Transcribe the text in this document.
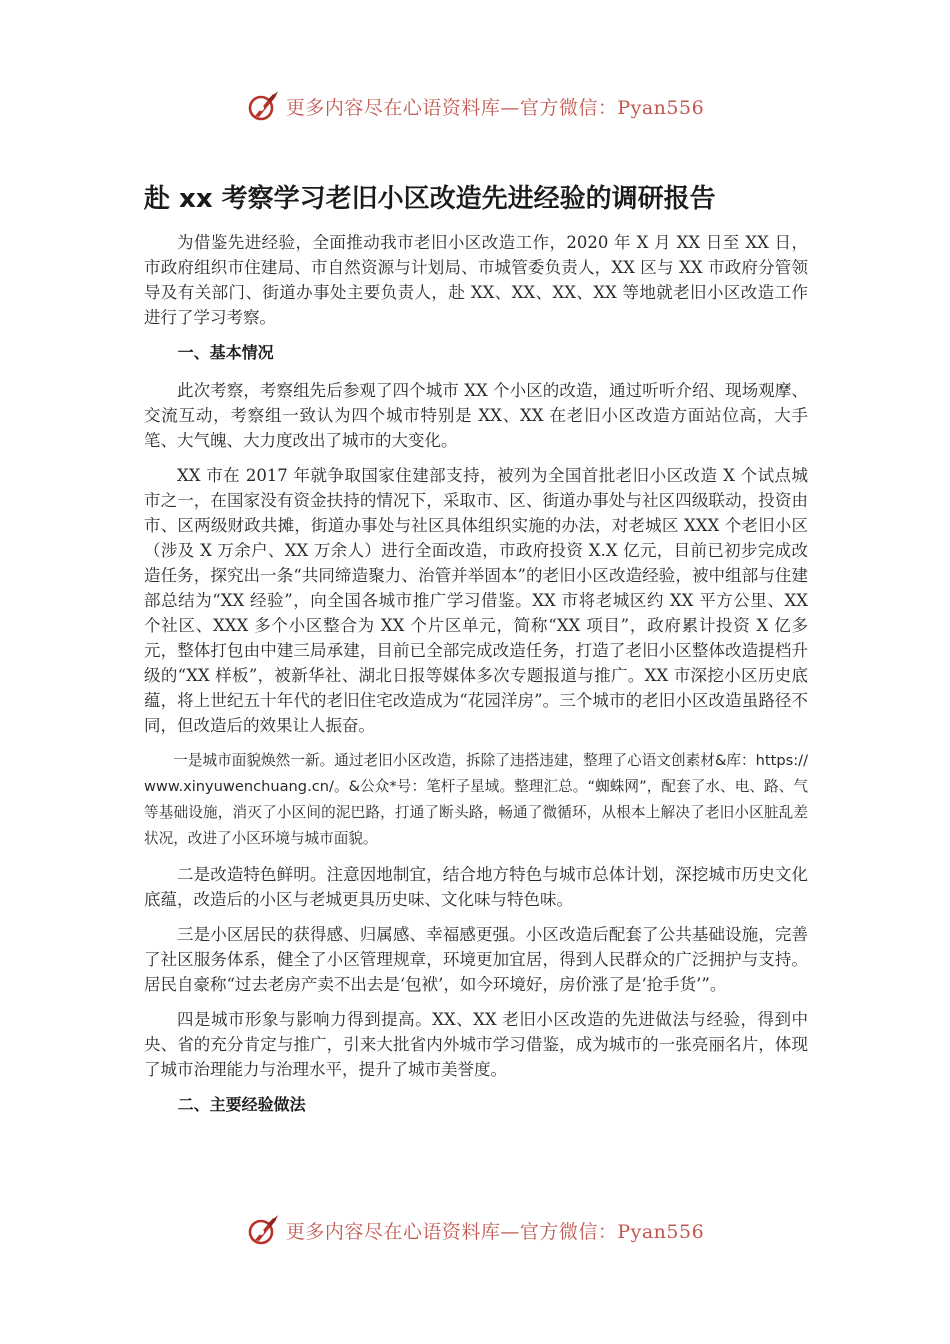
更多内容尽在心语资料库—官方微信：Pyan556
赴 xx 考察学习老旧小区改造先进经验的调研报告

为借鉴先进经验，全面推动我市老旧小区改造工作，2020 年 X 月 XX 日至 XX 日，市政府组织市住建局、市自然资源与计划局、市城管委负责人，XX 区与 XX 市政府分管领导及有关部门、街道办事处主要负责人，赴 XX、XX、XX、XX 等地就老旧小区改造工作进行了学习考察。

一、基本情况

此次考察，考察组先后参观了四个城市 XX 个小区的改造，通过听听介绍、现场观摩、交流互动，考察组一致认为四个城市特别是 XX、XX 在老旧小区改造方面站位高，大手笔、大气魄、大力度改出了城市的大变化。

XX 市在 2017 年就争取国家住建部支持，被列为全国首批老旧小区改造 X 个试点城市之一，在国家没有资金扶持的情况下，采取市、区、街道办事处与社区四级联动，投资由市、区两级财政共摊，街道办事处与社区具体组织实施的办法，对老城区 XXX 个老旧小区（涉及 X 万余户、XX 万余人）进行全面改造，市政府投资 X.X 亿元，目前已初步完成改造任务，探究出一条“共同缔造聚力、治管并举固本”的老旧小区改造经验，被中组部与住建部总结为“XX 经验”，向全国各城市推广学习借鉴。XX 市将老城区约 XX 平方公里、XX 个社区、XXX 多个小区整合为 XX 个片区单元，简称“XX 项目”，政府累计投资 X 亿多元，整体打包由中建三局承建，目前已全部完成改造任务，打造了老旧小区整体改造提档升级的“XX 样板”，被新华社、湖北日报等媒体多次专题报道与推广。XX 市深挖小区历史底蕴，将上世纪五十年代的老旧住宅改造成为“花园洋房”。三个城市的老旧小区改造虽路径不同，但改造后的效果让人振奋。

一是城市面貌焕然一新。通过老旧小区改造，拆除了违搭违建，整理了心语文创素材&库：https://www.xinyuwenchuang.cn/。&公众*号：笔杆子星域。整理汇总。“蜘蛛网”，配套了水、电、路、气等基础设施，消灭了小区间的泥巴路，打通了断头路，畅通了微循环，从根本上解决了老旧小区脏乱差状况，改进了小区环境与城市面貌。

二是改造特色鲜明。注意因地制宜，结合地方特色与城市总体计划，深挖城市历史文化底蕴，改造后的小区与老城更具历史味、文化味与特色味。

三是小区居民的获得感、归属感、幸福感更强。小区改造后配套了公共基础设施，完善了社区服务体系，健全了小区管理规章，环境更加宜居，得到人民群众的广泛拥护与支持。居民自豪称“过去老房产卖不出去是‘包袱’，如今环境好，房价涨了是‘抢手货’”。

四是城市形象与影响力得到提高。XX、XX 老旧小区改造的先进做法与经验，得到中央、省的充分肯定与推广，引来大批省内外城市学习借鉴，成为城市的一张亮丽名片，体现了城市治理能力与治理水平，提升了城市美誉度。

二、主要经验做法
更多内容尽在心语资料库—官方微信：Pyan556
